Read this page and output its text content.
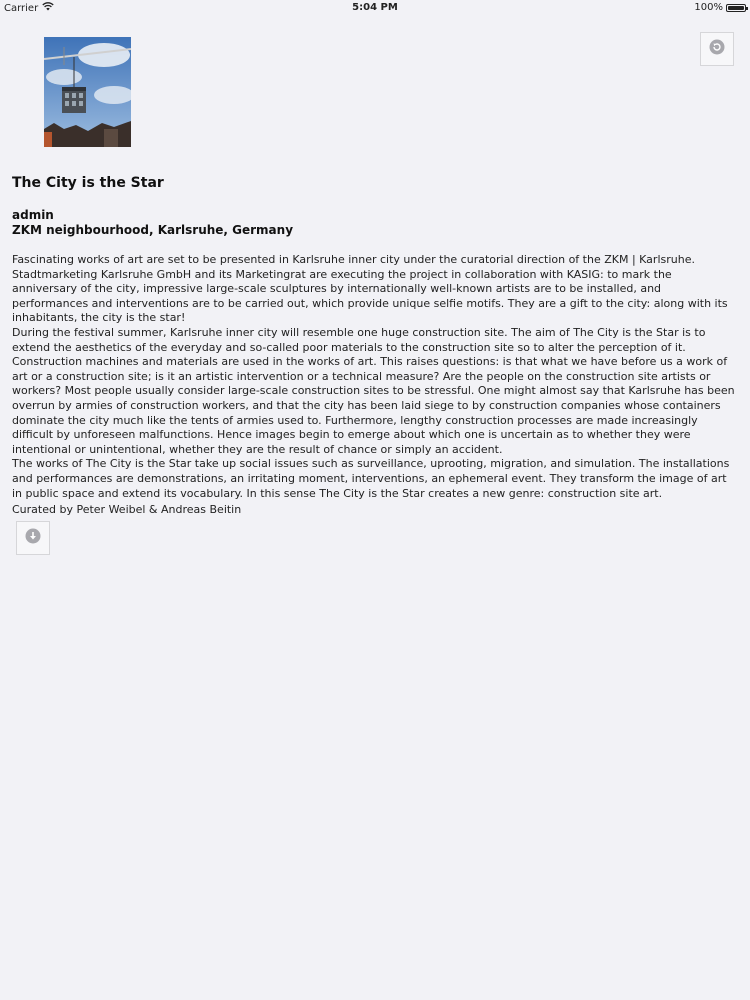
Carrier	5:04 PM	100%
The City is the Star
admin
ZKM neighbourhood, Karlsruhe, Germany

Fascinating works of art are set to be presented in Karlsruhe inner city under the curatorial direction of the ZKM | Karlsruhe. Stadtmarketing Karlsruhe GmbH and its Marketingrat are executing the project in collaboration with KASIG: to mark the anniversary of the city, impressive large-scale sculptures by internationally well-known artists are to be installed, and performances and interventions are to be carried out, which provide unique selfie motifs. They are a gift to the city: along with its inhabitants, the city is the star!

During the festival summer, Karlsruhe inner city will resemble one huge construction site. The aim of The City is the Star is to extend the aesthetics of the everyday and so-called poor materials to the construction site so to alter the perception of it. Construction machines and materials are used in the works of art. This raises questions: is that what we have before us a work of art or a construction site; is it an artistic intervention or a technical measure? Are the people on the construction site artists or workers? Most people usually consider large-scale construction sites to be stressful. One might almost say that Karlsruhe has been overrun by armies of construction workers, and that the city has been laid siege to by construction companies whose containers dominate the city much like the tents of armies used to. Furthermore, lengthy construction processes are made increasingly difficult by unforeseen malfunctions. Hence images begin to emerge about which one is uncertain as to whether they were intentional or unintentional, whether they are the result of chance or simply an accident.

The works of The City is the Star take up social issues such as surveillance, uprooting, migration, and simulation. The installations and performances are demonstrations, an irritating moment, interventions, an ephemeral event. They transform the image of art in public space and extend its vocabulary. In this sense The City is the Star creates a new genre: construction site art.

Curated by Peter Weibel & Andreas Beitin
